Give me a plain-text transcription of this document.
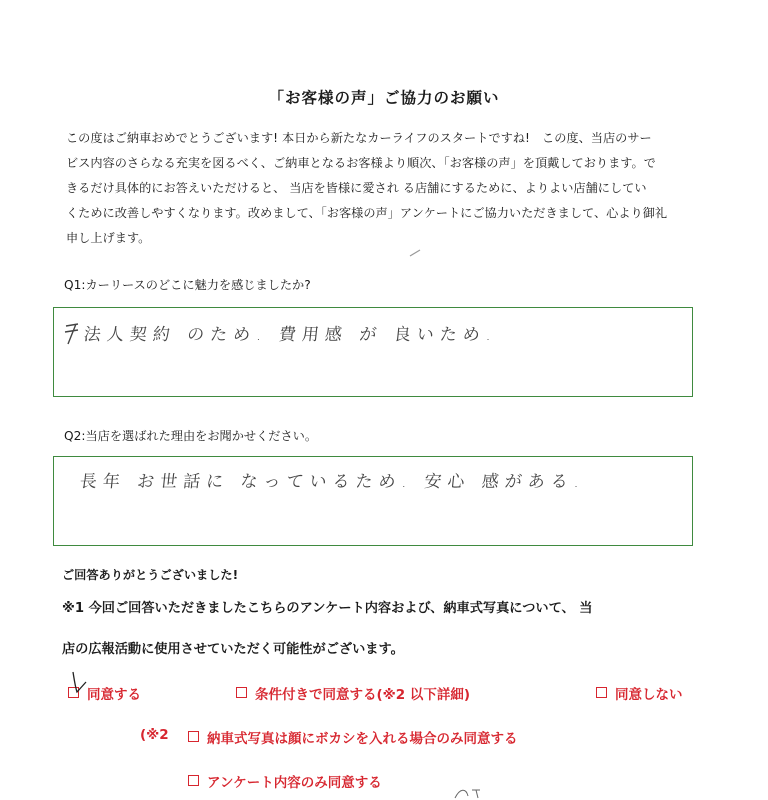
「お客様の声」ご協力のお願い
この度はご納車おめでとうございます! 本日から新たなカーライフのスタートですね!　この度、当店のサー
ビス内容のさらなる充実を図るべく、ご納車となるお客様より順次、「お客様の声」を頂戴しております。で
きるだけ具体的にお答えいただけると、 当店を皆様に愛され る店舗にするために、よりよい店舗にしてい
くために改善しやすくなります。改めまして、「お客様の声」アンケートにご協力いただきまして、心より御礼
申し上げます。
Q1:カーリースのどこに魅力を感じましたか?
法人契約 のため. 費用感 が 良いため.
Q2:当店を選ばれた理由をお聞かせください。
長年 お世話に なっているため. 安心 感がある.
ご回答ありがとうございました!
※1 今回ご回答いただきましたこちらのアンケート内容および、納車式写真について、 当
店の広報活動に使用させていただく可能性がございます。
同意する	条件付きで同意する(※2 以下詳細)	同意しない
(※2	納車式写真は顔にボカシを入れる場合のみ同意する
アンケート内容のみ同意する
